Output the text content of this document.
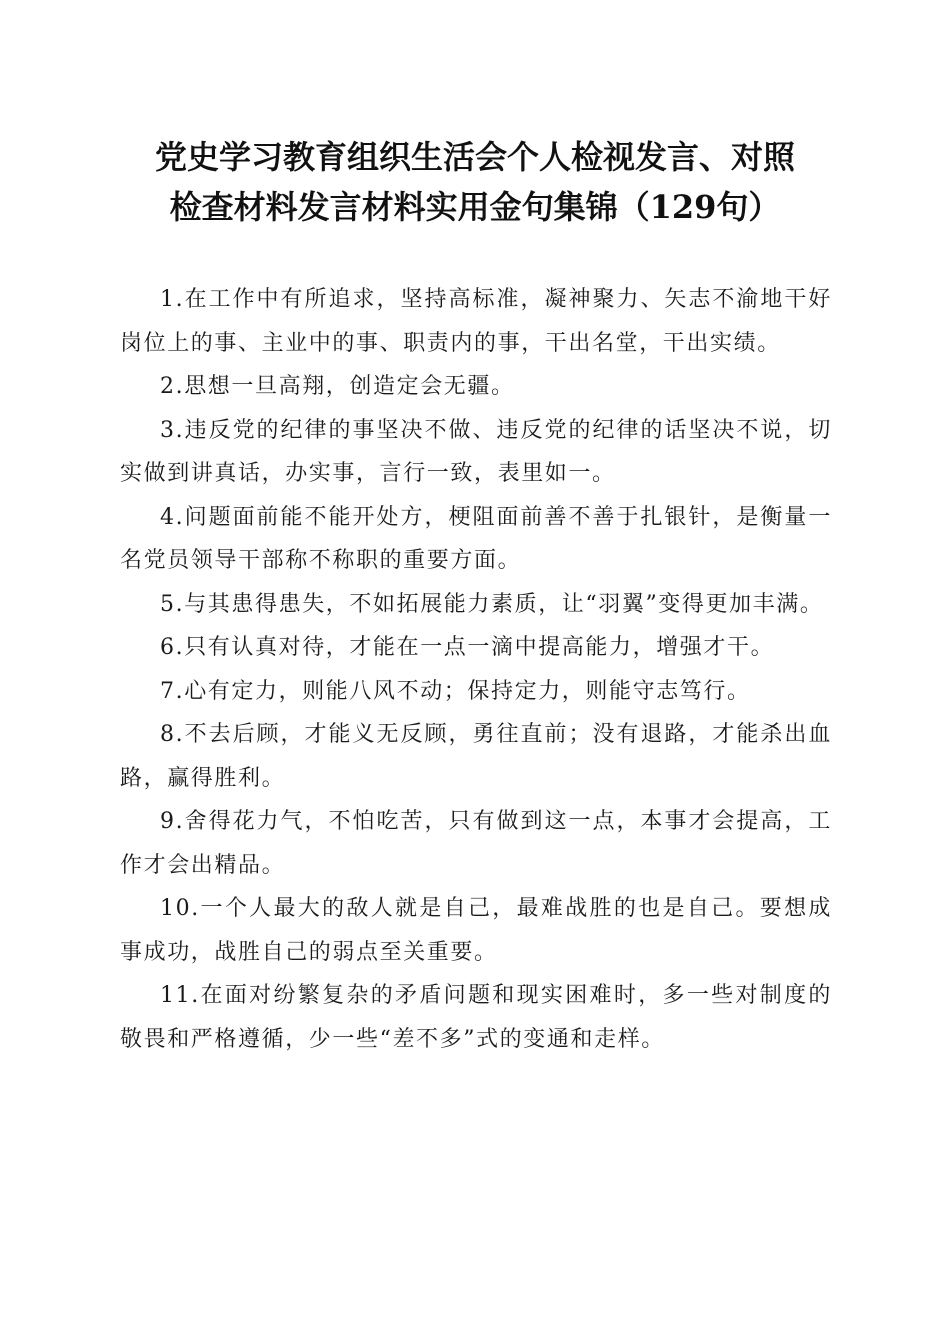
党史学习教育组织生活会个人检视发言、对照
检查材料发言材料实用金句集锦（129句）

1.在工作中有所追求，坚持高标准，凝神聚力、矢志不渝地干好岗位上的事、主业中的事、职责内的事，干出名堂，干出实绩。

2.思想一旦高翔，创造定会无疆。

3.违反党的纪律的事坚决不做、违反党的纪律的话坚决不说，切实做到讲真话，办实事，言行一致，表里如一。

4.问题面前能不能开处方，梗阻面前善不善于扎银针，是衡量一名党员领导干部称不称职的重要方面。

5.与其患得患失，不如拓展能力素质，让“羽翼”变得更加丰满。

6.只有认真对待，才能在一点一滴中提高能力，增强才干。

7.心有定力，则能八风不动；保持定力，则能守志笃行。

8.不去后顾，才能义无反顾，勇往直前；没有退路，才能杀出血路，赢得胜利。

9.舍得花力气，不怕吃苦，只有做到这一点，本事才会提高，工作才会出精品。

10.一个人最大的敌人就是自己，最难战胜的也是自己。要想成事成功，战胜自己的弱点至关重要。

11.在面对纷繁复杂的矛盾问题和现实困难时，多一些对制度的敬畏和严格遵循，少一些“差不多”式的变通和走样。
